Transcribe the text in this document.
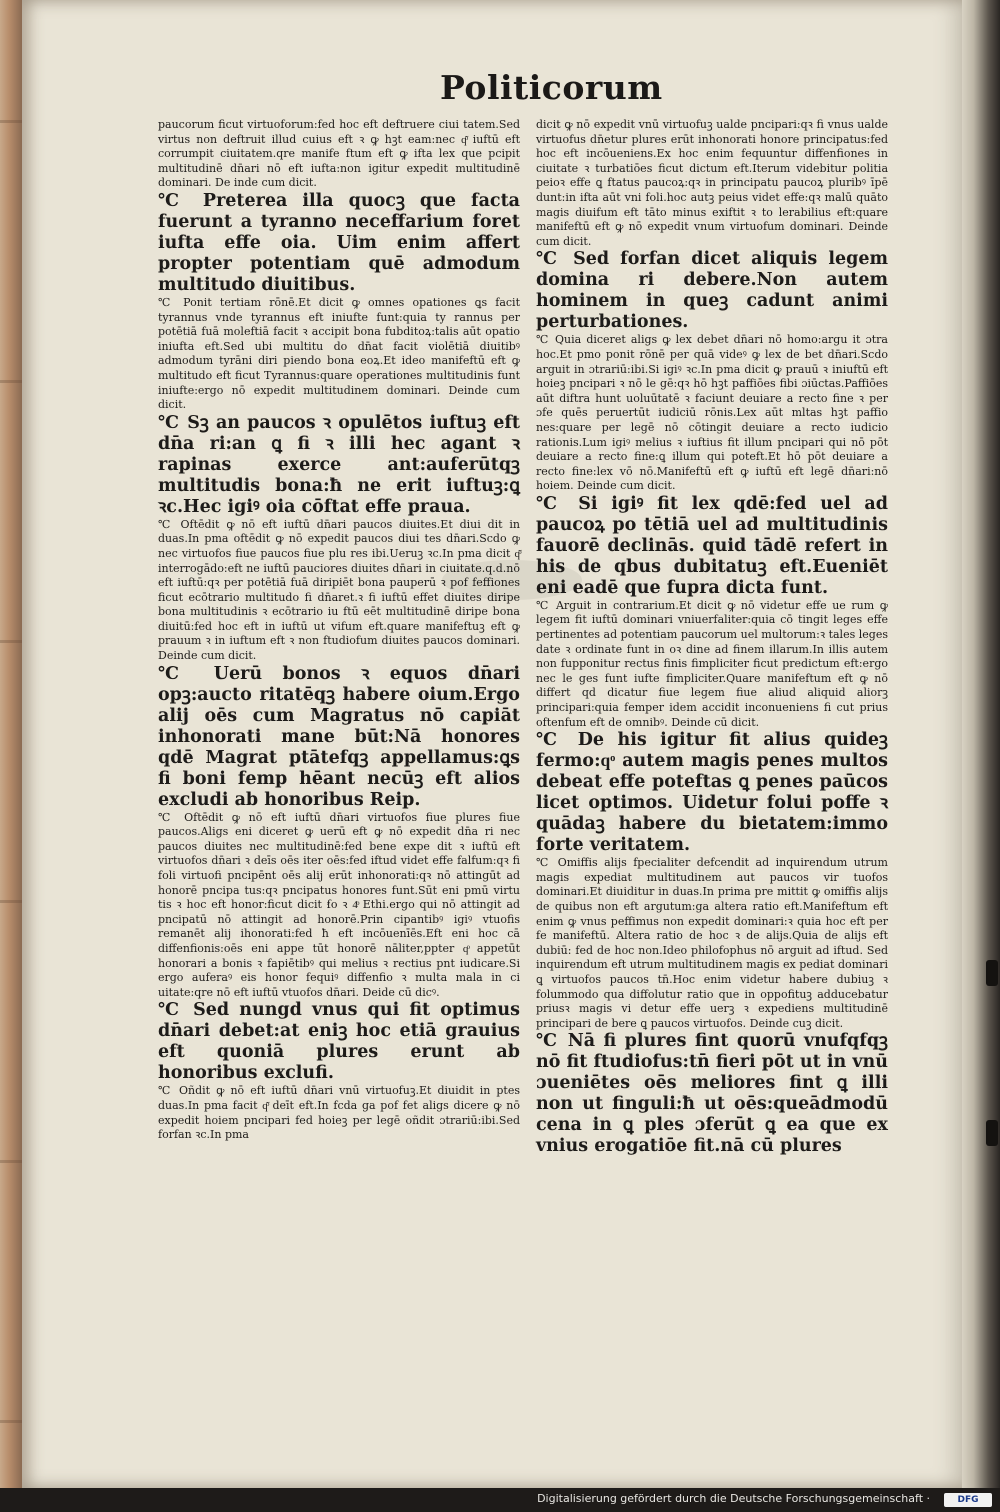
Politicorum

paucorum ficut virtuoforum:fed hoc eft deftruere ciui tatem.Sed virtus non deftruit illud cuius eft ꝛ ꝙ hꝫt eam:nec qͦ͂ iuftū eft corrumpit ciuitatem.qre manife ftum eft ꝙ ifta lex que pcipit multitudinē dn̄ari nō eft iufta:non igitur expedit multitudinē dominari. De inde cum dicit.

℃ Preterea illa quocꝫ que facta fuerunt a tyranno neceffarium foret iufta effe oia. Uim enim affert propter potentiam quē admodum multitudo diuitibus.

℃ Ponit tertiam rōnē.Et dicit ꝙ omnes opationes ꝗs facit tyrannus vnde tyrannus eft iniufte funt:quia ty rannus per potētiā fuā moleftiā facit ꝛ accipit bona fubditoꝝ:talis aūt opatio iniufta eft.Sed ubi multitu do dn̄at facit violētiā diuitibꝰ admodum tyrāni diri piendo bona eoꝝ.Et ideo manifeftū eft ꝙ multitudo eft ficut Tyrannus:quare operationes multitudinis funt iniufte:ergo nō expedit multitudinem dominari. Deinde cum dicit.

℃ Sꝫ an paucos ꝛ opulētos iuftuꝫ eft dn̄a ri:an ꝗ fi ꝛ illi hec agant ꝛ rapinas exerce ant:auferūtqꝫ multitudis bona:ħ ne erit iuftuꝫ:ꝗ ꝛc.Hec igiꝰ oia cōftat effe praua.

℃ Oftēdit ꝙ nō eft iuftū dn̄ari paucos diuites.Et diui dit in duas.In pma oftēdit ꝙ nō expedit paucos diui tes dn̄ari.Scdo ꝙ nec virtuofos fiue paucos fiue plu res ibi.Ueruꝫ ꝛc.In pma dicit qͦ͂ interrogādo:eft ne iuftū pauciores diuites dn̄ari in ciuitate.q.d.nō eft iuftū:qꝛ per potētiā fuā diripiēt bona pauperū ꝛ pof feffiones ficut ecōtrario multitudo fi dn̄aret.ꝛ fi iuftū effet diuites diripe bona multitudinis ꝛ ecōtrario iu ftū eēt multitudinē diripe bona diuitū:fed hoc eft in iuftū ut vifum eft.quare manifeftuꝫ eft ꝙ prauum ꝛ in iuftum eft ꝛ non ftudiofum diuites paucos dominari. Deinde cum dicit.

℃ Uerū bonos ꝛ equos dn̄ari opꝫ:aucto ritatēqꝫ habere oium.Ergo alij oēs cum Magratus nō capiāt inhonorati mane būt:Nā honores qdē Magrat ptātefqꝫ appellamus:ꝗs fi boni femp hēant necūꝫ eft alios excludi ab honoribus Reip.

℃ Oftēdit ꝙ nō eft iuftū dn̄ari virtuofos fiue plures fiue paucos.Aligs eni diceret ꝙ uerū eft ꝙ nō expedit dn̄a ri nec paucos diuites nec multitudinē:fed bene expe dit ꝛ iuftū eft virtuofos dn̄ari ꝛ deīs oēs iter oēs:fed iftud videt effe falfum:qꝛ fi foli virtuofi pncipēnt oēs alij erūt inhonorati:qꝛ nō attingūt ad honorē pncipa tus:qꝛ pncipatus honores funt.Sūt eni pmū virtu tis ꝛ hoc eft honor:ficut dicit ẜo ꝛ 4ͦ Ethi.ergo qui nō attingit ad pncipatū nō attingit ad honorē.Prin cipantibꝰ igiꝰ vtuofis remanēt alij ihonorati:fed ħ eft incōuenīēs.Eft eni hoc cā diffenfionis:oēs eni appe tūt honorē nāliter,ppter qͦ appetūt honorari a bonis ꝛ fapiētibꝰ qui melius ꝛ rectius pnt iudicare.Si ergo auferaꝰ eis honor fequiꝰ diffenfio ꝛ multa mala in ci uitate:qre nō eft iuftū vtuofos dn̄ari. Deide cū dicꝰ.

℃ Sed nungd vnus qui fit optimus dn̄ari debet:at eniꝫ hoc etiā grauius eft quoniā plures erunt ab honoribus exclufi.

℃ Oñdit ꝙ nō eft iuftū dn̄ari vnū virtuofuꝫ.Et diuidit in ptes duas.In pma facit qͦ͂ deīt eft.In fcda ga pof fet aligs dicere ꝙ nō expedit hoiem pncipari fed hoieꝫ per legē oñdit ɔtrariū:ibi.Sed forfan ꝛc.In pma

dicit ꝙ nō expedit vnū virtuofuꝫ ualde pncipari:qꝛ fi vnus ualde virtuofus dn̄etur plures erūt inhonorati honore principatus:fed hoc eft incōueniens.Ex hoc enim fequuntur diffenfiones in ciuitate ꝛ turbatiōes ficut dictum eft.Iterum videbitur politia peioꝛ effe ꝗ ftatus paucoꝝ:qꝛ in principatu paucoꝝ pluribꝰ īpē dunt:in ifta aūt vni foli.hoc autꝫ peius videt effe:qꝛ malū quāto magis diuifum eft tāto minus exiftit ꝛ to lerabilius eft:quare manifeftū eft ꝙ nō expedit vnum virtuofum dominari. Deinde cum dicit.

℃ Sed forfan dicet aliquis legem domina ri debere.Non autem hominem in queꝫ cadunt animi perturbationes.

℃ Quia diceret aligs ꝙ lex debet dn̄ari nō homo:argu it ɔtra hoc.Et pmo ponit rōnē per quā videꝰ ꝙ lex de bet dn̄ari.Scdo arguit in ɔtrariū:ibi.Si igiꝰ ꝛc.In pma dicit ꝙ prauū ꝛ iniuftū eft hoieꝫ pncipari ꝛ nō le gē:qꝛ hō hꝫt paffiōes fibi ɔiūctas.Paffiōes aūt diftra hunt uoluūtatē ꝛ faciunt deuiare a recto fine ꝛ per ɔfe quēs peruertūt iudiciū rōnis.Lex aūt mltas hꝫt paffio nes:quare per legē nō cōtingit deuiare a recto iudicio rationis.Lum igiꝰ melius ꝛ iuftius fit illum pncipari qui nō pōt deuiare a recto fine:ꝗ illum qui poteft.Et hō pōt deuiare a recto fine:lex vō nō.Manifeftū eft ꝙ iuftū eft legē dn̄ari:nō hoiem. Deinde cum dicit.

℃ Si igiꝰ fit lex qdē:fed uel ad paucoꝝ po tētiā uel ad multitudinis fauorē declinās. quid tādē refert in his de qbus dubitatuꝫ eft.Eueniēt eni eadē que fupra dicta funt.

℃ Arguit in contrarium.Et dicit ꝙ nō videtur effe ue rum ꝙ legem fit iuftū dominari vniuerfaliter:quia cō tingit leges effe pertinentes ad potentiam paucorum uel multorum:ꝛ tales leges date ꝛ ordinate funt in oꝛ dine ad finem illarum.In illis autem non fupponitur rectus finis fimpliciter ficut predictum eft:ergo nec le ges funt iufte fimpliciter.Quare manifeftum eft ꝙ nō differt qd dicatur fiue legem fiue aliud aliquid aliorꝫ principari:quia femper idem accidit inconueniens fi cut prius oftenfum eft de omnibꝰ. Deinde cū dicit.

℃ De his igitur fit alius quideꝫ fermo:qͦ autem magis penes multos debeat effe poteftas ꝗ penes paūcos licet optimos. Uidetur folui poffe ꝛ quādaꝫ habere du bietatem:immo forte veritatem.

℃ Omiffis alijs fpecialiter defcendit ad inquirendum utrum magis expediat multitudinem aut paucos vir tuofos dominari.Et diuiditur in duas.In prima pre mittit ꝙ omiffis alijs de quibus non eft argutum:ga altera ratio eft.Manifeftum eft enim ꝙ vnus peffimus non expedit dominari:ꝛ quia hoc eft per fe manifeftū. Altera ratio de hoc ꝛ de alijs.Quia de alijs eft dubiū: fed de hoc non.Ideo philofophus nō arguit ad iftud. Sed inquirendum eft utrum multitudinem magis ex pediat dominari ꝗ virtuofos paucos tn̄.Hoc enim videtur habere dubiuꝫ ꝛ folummodo qua diffolutur ratio que in oppofituꝫ adducebatur priusꝛ magis vi detur effe uerꝫ ꝛ expediens multitudinē principari de bere ꝗ paucos virtuofos. Deinde cuꝫ dicit.

℃ Nā fi plures fint quorū vnufqfqꝫ nō fit ftudiofus:tn̄ fieri pōt ut in vnū ɔueniētes oēs meliores fint ꝗ illi non ut finguli:ħ ut oēs:queādmodū cena in ꝗ ples ɔferūt ꝗ ea que ex vnius erogatiōe fit.nā cū plures

Digitalisierung gefördert durch die Deutsche Forschungsgemeinschaft ·	DFG
